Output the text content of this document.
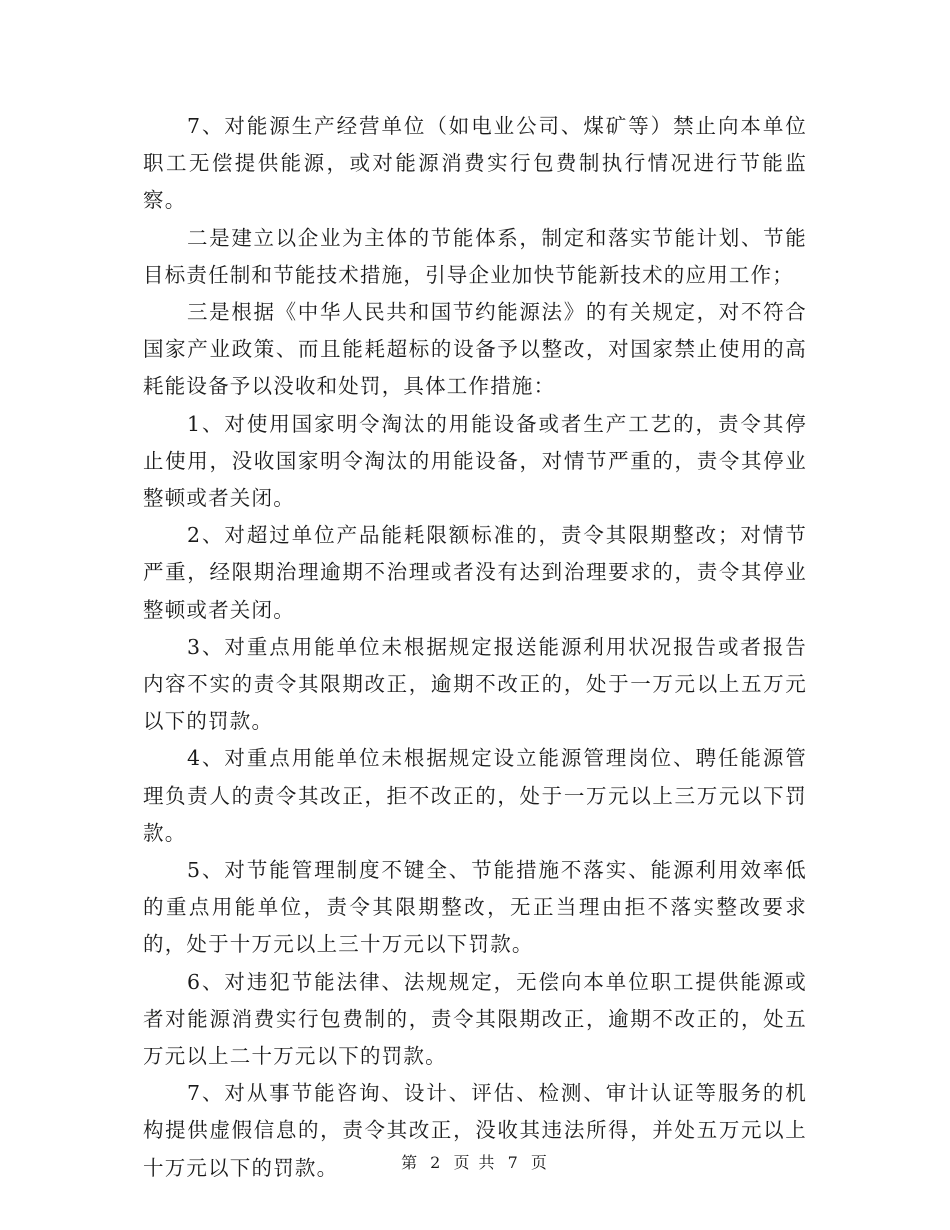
7、对能源生产经营单位（如电业公司、煤矿等）禁止向本单位职工无偿提供能源，或对能源消费实行包费制执行情况进行节能监察。

二是建立以企业为主体的节能体系，制定和落实节能计划、节能目标责任制和节能技术措施，引导企业加快节能新技术的应用工作；

三是根据《中华人民共和国节约能源法》的有关规定，对不符合国家产业政策、而且能耗超标的设备予以整改，对国家禁止使用的高耗能设备予以没收和处罚，具体工作措施：

1、对使用国家明令淘汰的用能设备或者生产工艺的，责令其停止使用，没收国家明令淘汰的用能设备，对情节严重的，责令其停业整顿或者关闭。

2、对超过单位产品能耗限额标准的，责令其限期整改；对情节严重，经限期治理逾期不治理或者没有达到治理要求的，责令其停业整顿或者关闭。

3、对重点用能单位未根据规定报送能源利用状况报告或者报告内容不实的责令其限期改正，逾期不改正的，处于一万元以上五万元以下的罚款。

4、对重点用能单位未根据规定设立能源管理岗位、聘任能源管理负责人的责令其改正，拒不改正的，处于一万元以上三万元以下罚款。

5、对节能管理制度不键全、节能措施不落实、能源利用效率低的重点用能单位，责令其限期整改，无正当理由拒不落实整改要求的，处于十万元以上三十万元以下罚款。

6、对违犯节能法律、法规规定，无偿向本单位职工提供能源或者对能源消费实行包费制的，责令其限期改正，逾期不改正的，处五万元以上二十万元以下的罚款。

7、对从事节能咨询、设计、评估、检测、审计认证等服务的机构提供虚假信息的，责令其改正，没收其违法所得，并处五万元以上十万元以下的罚款。	第 2 页 共 7 页
